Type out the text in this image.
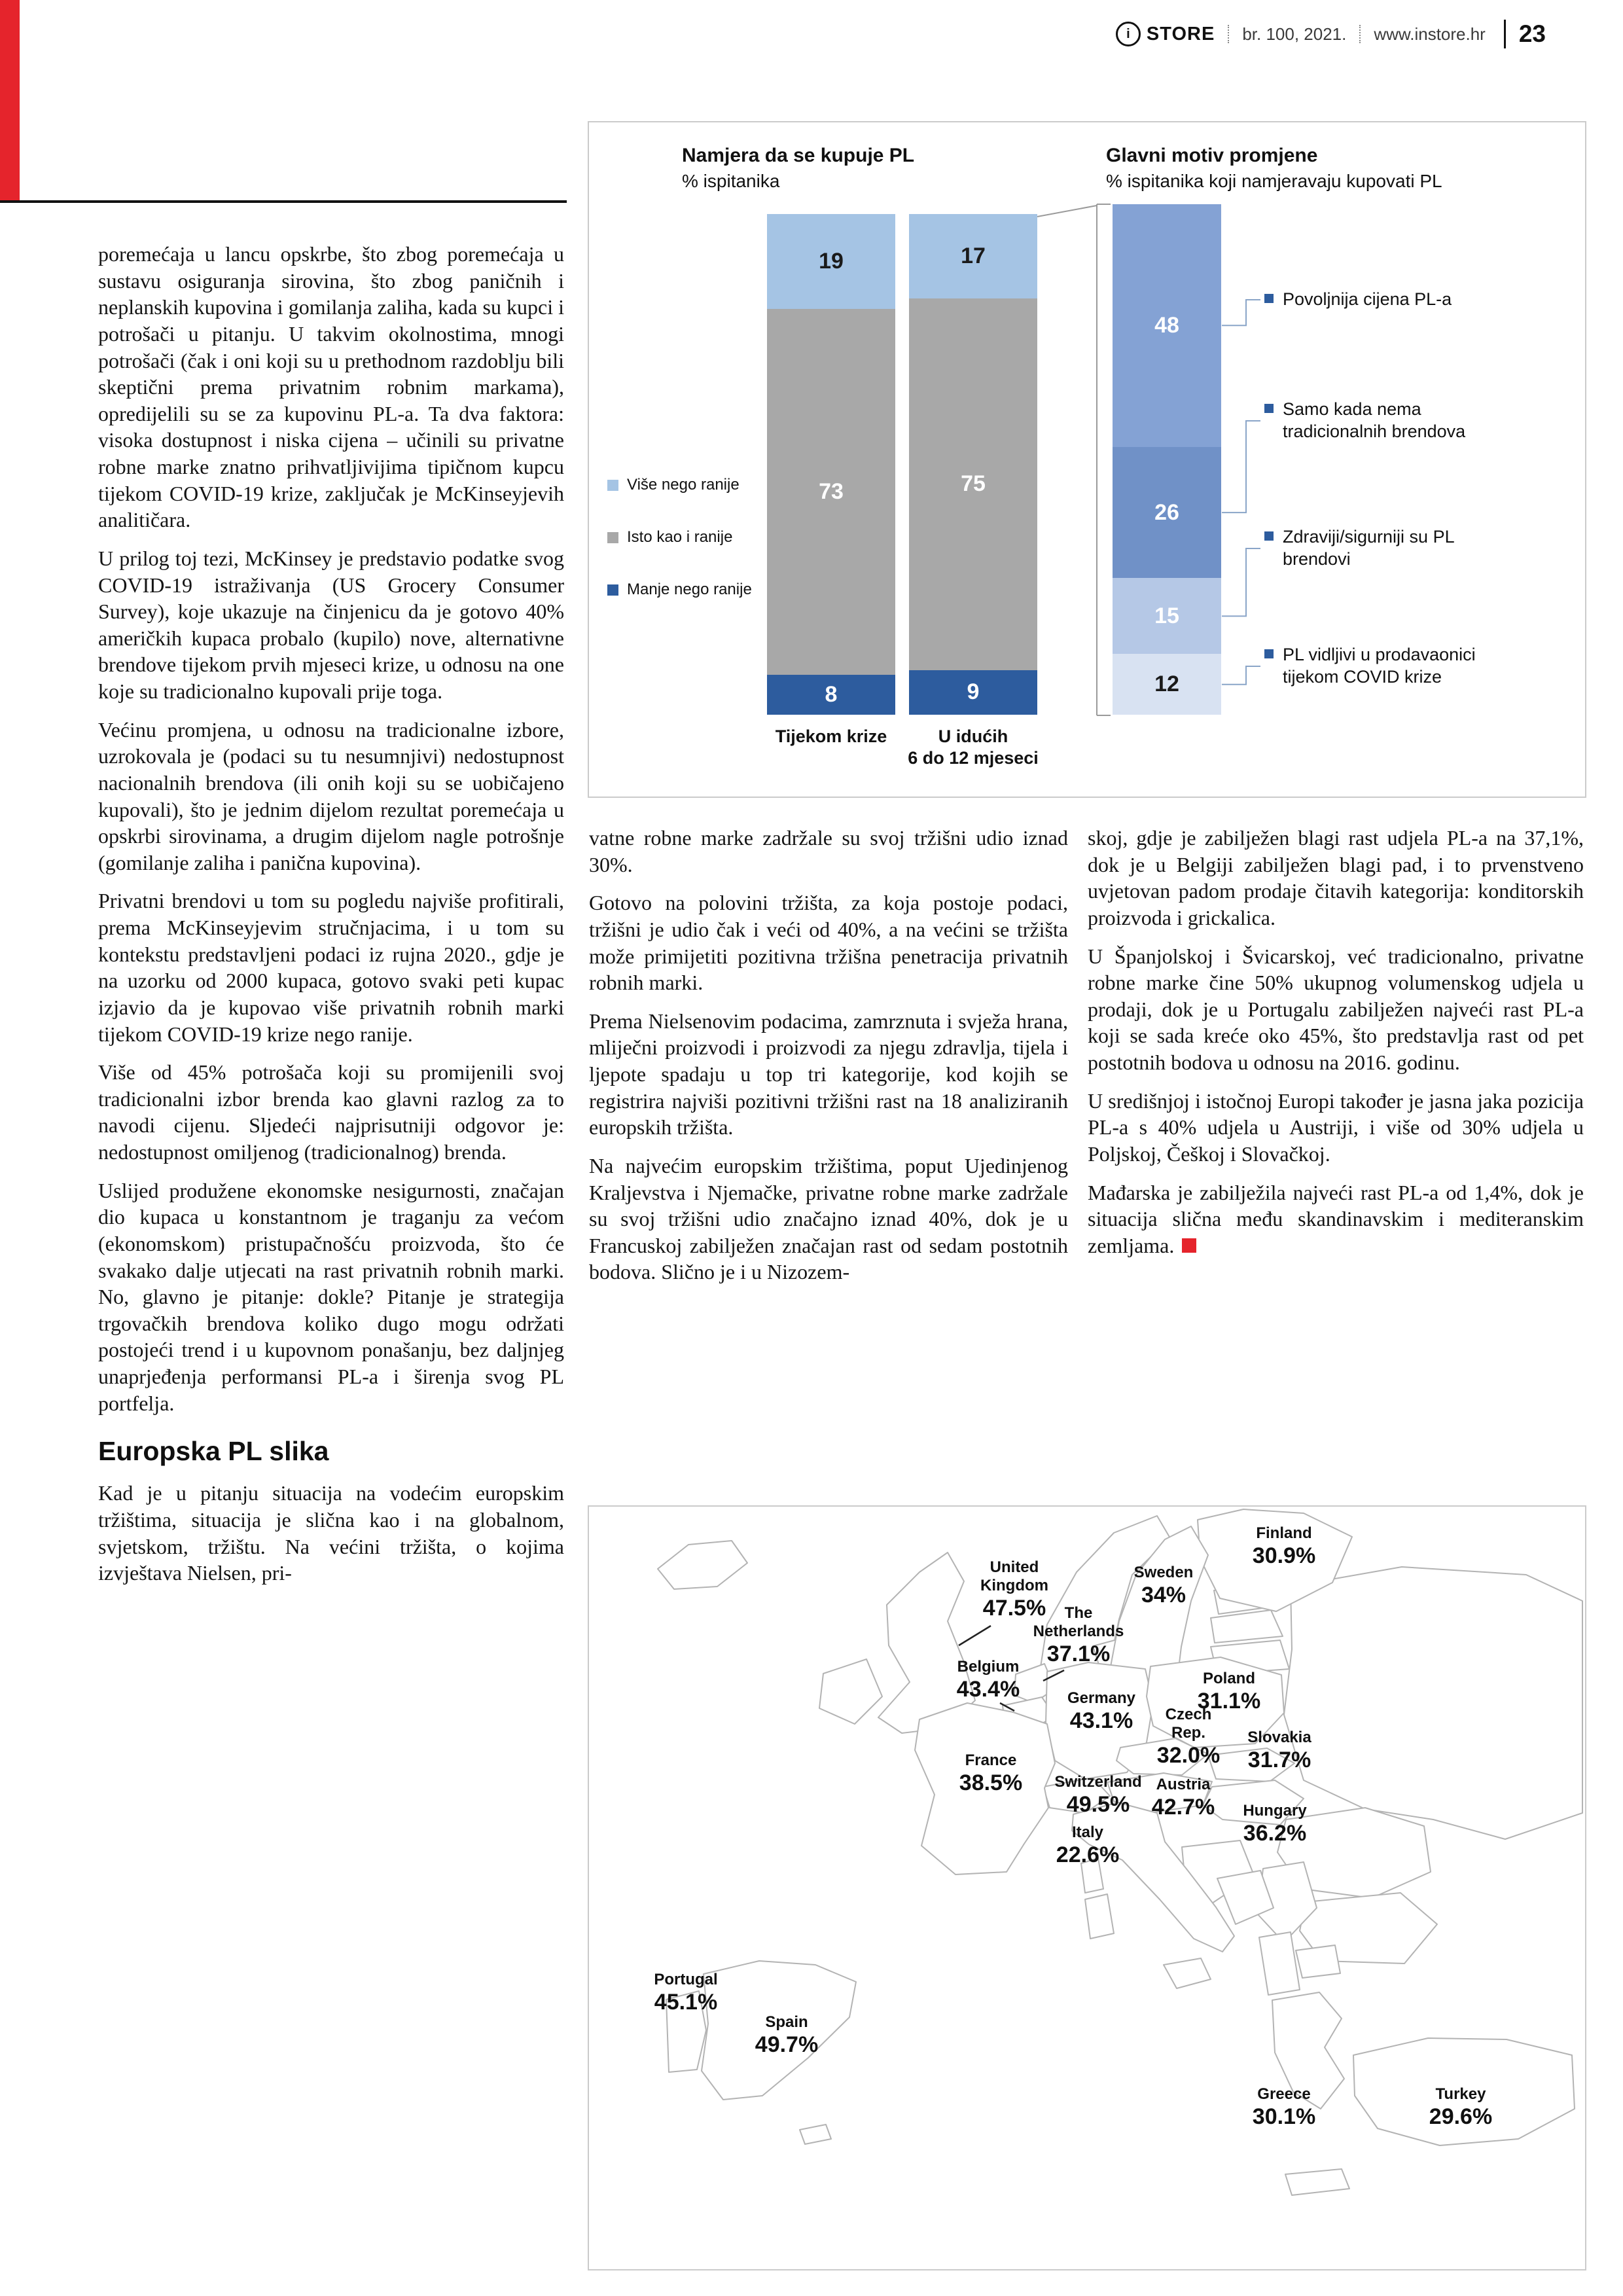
i STORE br. 100, 2021. www.instore.hr 23
Namjera da se kupuje PL
% ispitanika
Glavni motiv promjene
% ispitanika koji namjeravaju kupovati PL
Više nego ranije
Isto kao i ranije
Manje nego ranije
19
73
8
17
75
9
Tijekom krize	U idućih
6 do 12 mjeseci
48
26
15
12
Povoljnija cijena PL-a
Samo kada nema tradicionalnih brendova
Zdraviji/sigurniji su PL brendovi
PL vidljivi u prodavaonici tijekom COVID krize

poremećaja u lancu opskrbe, što zbog poremećaja u sustavu osiguranja sirovina, što zbog paničnih i neplanskih kupovina i gomilanja zaliha, kada su kupci i potrošači u pitanju. U takvim okolnostima, mnogi potrošači (čak i oni koji su u prethodnom razdoblju bili skeptični prema privatnim robnim markama), opredijelili su se za kupovinu PL-a. Ta dva faktora: visoka dostupnost i niska cijena – učinili su privatne robne marke znatno prihvatljivijima tipičnom kupcu tijekom COVID-19 krize, zaključak je McKinseyjevih analitičara.

U prilog toj tezi, McKinsey je predstavio podatke svog COVID-19 istraživanja (US Grocery Consumer Survey), koje ukazuje na činjenicu da je gotovo 40% američkih kupaca probalo (kupilo) nove, alternativne brendove tijekom prvih mjeseci krize, u odnosu na one koje su tradicionalno kupovali prije toga.

Većinu promjena, u odnosu na tradicionalne izbore, uzrokovala je (podaci su tu nesumnjivi) nedostupnost nacionalnih brendova (ili onih koji su se uobičajeno kupovali), što je jednim dijelom rezultat poremećaja u opskrbi sirovinama, a drugim dijelom nagle potrošnje (gomilanje zaliha i panična kupovina).

Privatni brendovi u tom su pogledu najviše profitirali, prema McKinseyjevim stručnjacima, i u tom su kontekstu predstavljeni podaci iz rujna 2020., gdje je na uzorku od 2000 kupaca, gotovo svaki peti kupac izjavio da je kupovao više privatnih robnih marki tijekom COVID-19 krize nego ranije.

Više od 45% potrošača koji su promijenili svoj tradicionalni izbor brenda kao glavni razlog za to navodi cijenu. Sljedeći najprisutniji odgovor je: nedostupnost omiljenog (tradicionalnog) brenda.

Uslijed produžene ekonomske nesigurnosti, značajan dio kupaca u konstantnom je traganju za većom (ekonomskom) pristupačnošću proizvoda, što će svakako dalje utjecati na rast privatnih robnih marki. No, glavno je pitanje: dokle? Pitanje je strategija trgovačkih brendova koliko dugo mogu održati postojeći trend i u kupovnom ponašanju, bez daljnjeg unaprjeđenja performansi PL-a i širenja svog PL portfelja.

Europska PL slika

Kad je u pitanju situacija na vodećim europskim tržištima, situacija je slična kao i na globalnom, svjetskom, tržištu. Na većini tržišta, o kojima izvještava Nielsen, pri-

vatne robne marke zadržale su svoj tržišni udio iznad 30%.

Gotovo na polovini tržišta, za koja postoje podaci, tržišni je udio čak i veći od 40%, a na većini se tržišta može primijetiti pozitivna tržišna penetracija privatnih robnih marki.

Prema Nielsenovim podacima, zamrznuta i svježa hrana, mliječni proizvodi i proizvodi za njegu zdravlja, tijela i ljepote spadaju u top tri kategorije, kod kojih se registrira najviši pozitivni tržišni rast na 18 analiziranih europskih tržišta.

Na najvećim europskim tržištima, poput Ujedinjenog Kraljevstva i Njemačke, privatne robne marke zadržale su svoj tržišni udio značajno iznad 40%, dok je u Francuskoj zabilježen značajan rast od sedam postotnih bodova. Slično je i u Nizozem-

skoj, gdje je zabilježen blagi rast udjela PL-a na 37,1%, dok je u Belgiji zabilježen blagi pad, i to prvenstveno uvjetovan padom prodaje čitavih kategorija: konditorskih proizvoda i grickalica.

U Španjolskoj i Švicarskoj, već tradicionalno, privatne robne marke čine 50% ukupnog volumenskog udjela u prodaji, dok je u Portugalu zabilježen najveći rast PL-a koji se sada kreće oko 45%, što predstavlja rast od pet postotnih bodova u odnosu na 2016. godinu.

U središnjoj i istočnoj Europi također je jasna jaka pozicija PL-a s 40% udjela u Austriji, i više od 30% udjela u Poljskoj, Češkoj i Slovačkoj.

Mađarska je zabilježila najveći rast PL-a od 1,4%, dok je situacija slična među skandinavskim i mediteranskim zemljama.

Finland
30.9%
Sweden
34%
United
Kingdom
47.5% The
Netherlands
37.1%
Belgium
43.4%	Germany
43.1%
Poland
31.1%
Czech
Rep.
32.0%
Slovakia
31.7%
Austria
42.7%
Switzerland
49.5%	Hungary
36.2%
France
38.5%
Italy
22.6%
Portugal
45.1%
Spain
49.7%
Greece
30.1%
Turkey
29.6%
